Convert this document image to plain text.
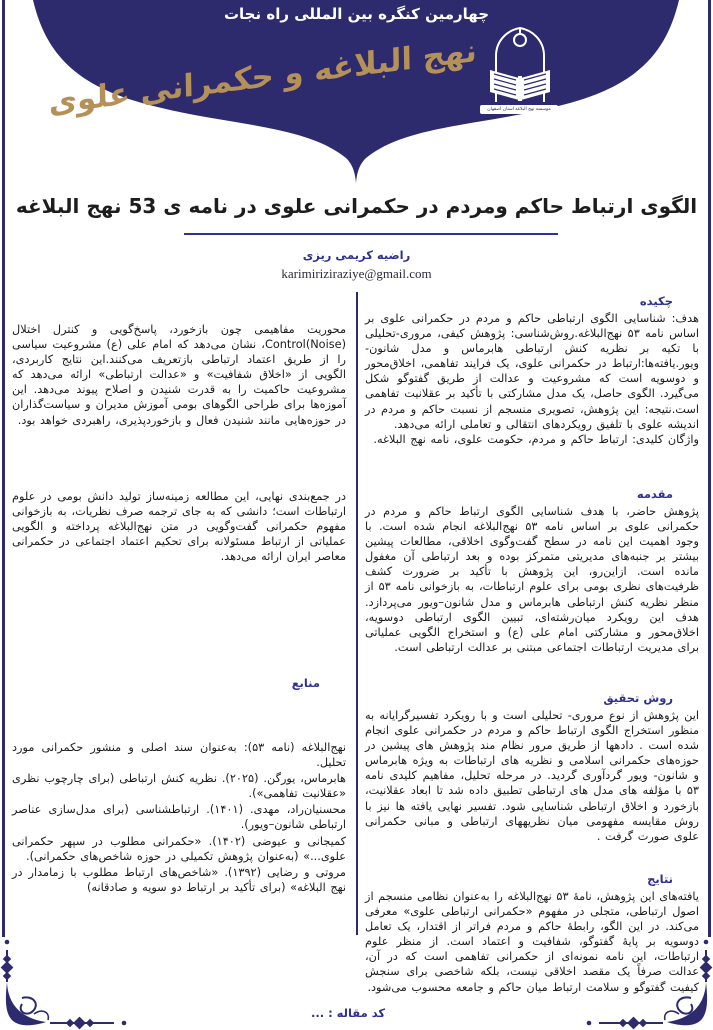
چهارمین کنگره بین المللی راه نجات
نهج البلاغه و حکمرانی علوی	موسسه نهج البلاغه استان اصفهان
الگوی ارتباط حاکم ومردم در حکمرانی علوی در نامه ی 53 نهج البلاغه
راضیه کریمی ریزی
karimiriziraziye@gmail.com
چکیده

هدف: شناسایی الگوی ارتباطی حاکم و مردم در حکمرانی علوی بر اساس نامه ۵۳ نهج‌البلاغه.روش‌شناسی: پژوهش کیفی، مروری-تحلیلی با تکیه بر نظریه کنش ارتباطی هابرماس و مدل شانون-ویور.یافته‌ها:ارتباط در حکمرانی علوی، یک فرایند تفاهمی، اخلاق‌محور و دوسویه است که مشروعیت و عدالت از طریق گفتوگو شکل می‌گیرد. الگوی حاصل، یک مدل مشارکتی با تأکید بر عقلانیت تفاهمی است.نتیجه: این پژوهش، تصویری منسجم از نسبت حاکم و مردم در اندیشه علوی با تلفیق رویکردهای انتقالی و تعاملی ارائه می‌دهد.

واژگان کلیدی: ارتباط حاکم و مردم، حکومت علوی، نامه نهج البلاغه.

مقدمه

پژوهش حاضر، با هدف شناسایی الگوی ارتباط حاکم و مردم در حکمرانی علوی بر اساس نامه ۵۳ نهج‌البلاغه انجام شده است. با وجود اهمیت این نامه در سطح گفت‌وگوی اخلاقی، مطالعات پیشین بیشتر بر جنبه‌های مدیریتی متمرکز بوده و بعد ارتباطی آن مغفول مانده است. ازاین‌رو، این پژوهش با تأکید بر ضرورت کشف ظرفیت‌های نظری بومی برای علوم ارتباطات، به بازخوانی نامه ۵۳ از منظر نظریه کنش ارتباطی هابرماس و مدل شانون–ویور می‌پردازد. هدف این رویکرد میان‌رشته‌ای، تبیین الگوی ارتباطی دوسویه، اخلاق‌محور و مشارکتی امام علی (ع) و استخراج الگویی عملیاتی برای مدیریت ارتباطات اجتماعی مبتنی بر عدالت ارتباطی است.

روش تحقیق

این پژوهش از نوع مروری- تحلیلی است و با رویکرد تفسیرگرایانه به منظور استخراج الگوی ارتباط حاکم و مردم در حکمرانی علوی انجام شده است . دادهها از طریق مرور نظام مند پژوهش های پیشین در حوزه‌های حکمرانی اسلامی و نظریه های ارتباطات به ویژه هابرماس و شانون- ویور گردآوری گردید. در مرحله تحلیل، مفاهیم کلیدی نامه ۵۳ با مؤلفه های مدل های ارتباطی تطبیق داده شد تا ابعاد عقلانیت، بازخورد و اخلاق ارتباطی شناسایی شود. تفسیر نهایی یافته ها نیز با روش مقایسه مفهومی میان نظریههای ارتباطی و مبانی حکمرانی علوی صورت گرفت .

نتایج

یافته‌های این پژوهش، نامهٔ ۵۳ نهج‌البلاغه را به‌عنوان نظامی منسجم از اصول ارتباطی، متجلی در مفهوم «حکمرانی ارتباطی علوی» معرفی می‌کند. در این الگو، رابطهٔ حاکم و مردم فراتر از اقتدار، یک تعامل دوسویه بر پایهٔ گفتوگو، شفافیت و اعتماد است. از منظر علوم ارتباطات، این نامه نمونه‌ای از حکمرانی تفاهمی است که در آن، عدالت صرفاً یک مقصد اخلاقی نیست، بلکه شاخصی برای سنجش کیفیت گفتوگو و سلامت ارتباط میان حاکم و جامعه محسوب می‌شود.

محوریت مفاهیمی چون بازخورد، پاسخ‌گویی و کنترل اختلال (Noise)Control، نشان می‌دهد که امام علی (ع) مشروعیت سیاسی را از طریق اعتماد ارتباطی بازتعریف می‌کنند.این نتایج کاربردی، الگویی از «اخلاق شفافیت» و «عدالت ارتباطی» ارائه می‌دهد که مشروعیت حاکمیت را به قدرت شنیدن و اصلاح پیوند می‌دهد. این آموزه‌ها برای طراحی الگوهای بومی آموزش مدیران و سیاست‌گذاران در حوزه‌هایی مانند شنیدن فعال و بازخوردپذیری، راهبردی خواهد بود.

در جمع‌بندی نهایی، این مطالعه زمینه‌ساز تولید دانش بومی در علوم ارتباطات است؛ دانشی که به جای ترجمه صرف نظریات، به بازخوانی مفهوم حکمرانی گفت‌وگویی در متن نهج‌البلاغه پرداخته و الگویی عملیاتی از ارتباط مسئولانه برای تحکیم اعتماد اجتماعی در حکمرانی معاصر ایران ارائه می‌دهد.

منابع
نهج‌البلاغه (نامه ۵۳): به‌عنوان سند اصلی و منشور حکمرانی مورد تحلیل.
هابرماس، یورگن. (۲۰۲۵). نظریه کنش ارتباطی (برای چارچوب نظری «عقلانیت تفاهمی»).
محسنیان‌راد، مهدی. (۱۴۰۱). ارتباطشناسی (برای مدل‌سازی عناصر ارتباطی شانون–ویور).
کمیجانی و عیوضی (۱۴۰۲). «حکمرانی مطلوب در سپهر حکمرانی علوی...» (به‌عنوان پژوهش تکمیلی در حوزه شاخص‌های حکمرانی).
مروتی و رضایی (۱۳۹۲). «شاخص‌های ارتباط مطلوب با زمامدار در نهج البلاغه» (برای تأکید بر ارتباط دو سویه و صادقانه)
کد مقاله : ...
